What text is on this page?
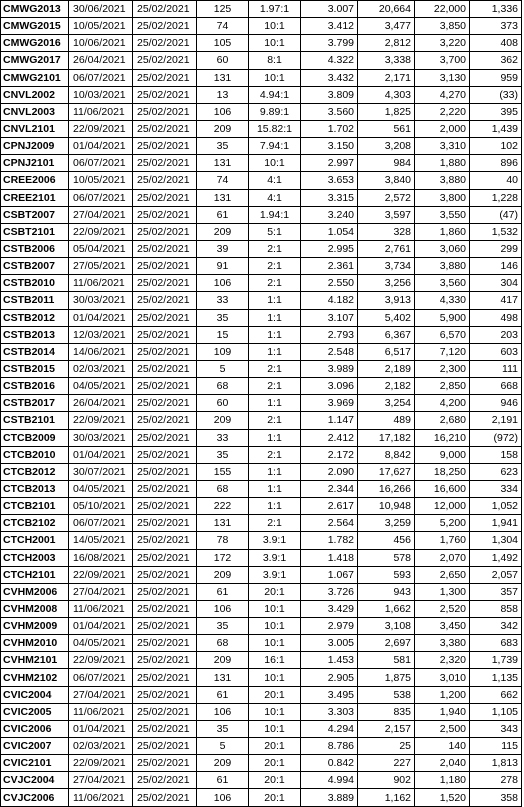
CMWG2013	30/06/2021	25/02/2021	125	1.97:1	3.007	20,664	22,000	1,336
CMWG2015	10/05/2021	25/02/2021	74	10:1	3.412	3,477	3,850	373
CMWG2016	10/06/2021	25/02/2021	105	10:1	3.799	2,812	3,220	408
CMWG2017	26/04/2021	25/02/2021	60	8:1	4.322	3,338	3,700	362
CMWG2101	06/07/2021	25/02/2021	131	10:1	3.432	2,171	3,130	959
CNVL2002	10/03/2021	25/02/2021	13	4.94:1	3.809	4,303	4,270	(33)
CNVL2003	11/06/2021	25/02/2021	106	9.89:1	3.560	1,825	2,220	395
CNVL2101	22/09/2021	25/02/2021	209	15.82:1	1.702	561	2,000	1,439
CPNJ2009	01/04/2021	25/02/2021	35	7.94:1	3.150	3,208	3,310	102
CPNJ2101	06/07/2021	25/02/2021	131	10:1	2.997	984	1,880	896
CREE2006	10/05/2021	25/02/2021	74	4:1	3.653	3,840	3,880	40
CREE2101	06/07/2021	25/02/2021	131	4:1	3.315	2,572	3,800	1,228
CSBT2007	27/04/2021	25/02/2021	61	1.94:1	3.240	3,597	3,550	(47)
CSBT2101	22/09/2021	25/02/2021	209	5:1	1.054	328	1,860	1,532
CSTB2006	05/04/2021	25/02/2021	39	2:1	2.995	2,761	3,060	299
CSTB2007	27/05/2021	25/02/2021	91	2:1	2.361	3,734	3,880	146
CSTB2010	11/06/2021	25/02/2021	106	2:1	2.550	3,256	3,560	304
CSTB2011	30/03/2021	25/02/2021	33	1:1	4.182	3,913	4,330	417
CSTB2012	01/04/2021	25/02/2021	35	1:1	3.107	5,402	5,900	498
CSTB2013	12/03/2021	25/02/2021	15	1:1	2.793	6,367	6,570	203
CSTB2014	14/06/2021	25/02/2021	109	1:1	2.548	6,517	7,120	603
CSTB2015	02/03/2021	25/02/2021	5	2:1	3.989	2,189	2,300	111
CSTB2016	04/05/2021	25/02/2021	68	2:1	3.096	2,182	2,850	668
CSTB2017	26/04/2021	25/02/2021	60	1:1	3.969	3,254	4,200	946
CSTB2101	22/09/2021	25/02/2021	209	2:1	1.147	489	2,680	2,191
CTCB2009	30/03/2021	25/02/2021	33	1:1	2.412	17,182	16,210	(972)
CTCB2010	01/04/2021	25/02/2021	35	2:1	2.172	8,842	9,000	158
CTCB2012	30/07/2021	25/02/2021	155	1:1	2.090	17,627	18,250	623
CTCB2013	04/05/2021	25/02/2021	68	1:1	2.344	16,266	16,600	334
CTCB2101	05/10/2021	25/02/2021	222	1:1	2.617	10,948	12,000	1,052
CTCB2102	06/07/2021	25/02/2021	131	2:1	2.564	3,259	5,200	1,941
CTCH2001	14/05/2021	25/02/2021	78	3.9:1	1.782	456	1,760	1,304
CTCH2003	16/08/2021	25/02/2021	172	3.9:1	1.418	578	2,070	1,492
CTCH2101	22/09/2021	25/02/2021	209	3.9:1	1.067	593	2,650	2,057
CVHM2006	27/04/2021	25/02/2021	61	20:1	3.726	943	1,300	357
CVHM2008	11/06/2021	25/02/2021	106	10:1	3.429	1,662	2,520	858
CVHM2009	01/04/2021	25/02/2021	35	10:1	2.979	3,108	3,450	342
CVHM2010	04/05/2021	25/02/2021	68	10:1	3.005	2,697	3,380	683
CVHM2101	22/09/2021	25/02/2021	209	16:1	1.453	581	2,320	1,739
CVHM2102	06/07/2021	25/02/2021	131	10:1	2.905	1,875	3,010	1,135
CVIC2004	27/04/2021	25/02/2021	61	20:1	3.495	538	1,200	662
CVIC2005	11/06/2021	25/02/2021	106	10:1	3.303	835	1,940	1,105
CVIC2006	01/04/2021	25/02/2021	35	10:1	4.294	2,157	2,500	343
CVIC2007	02/03/2021	25/02/2021	5	20:1	8.786	25	140	115
CVIC2101	22/09/2021	25/02/2021	209	20:1	0.842	227	2,040	1,813
CVJC2004	27/04/2021	25/02/2021	61	20:1	4.994	902	1,180	278
CVJC2006	11/06/2021	25/02/2021	106	20:1	3.889	1,162	1,520	358
